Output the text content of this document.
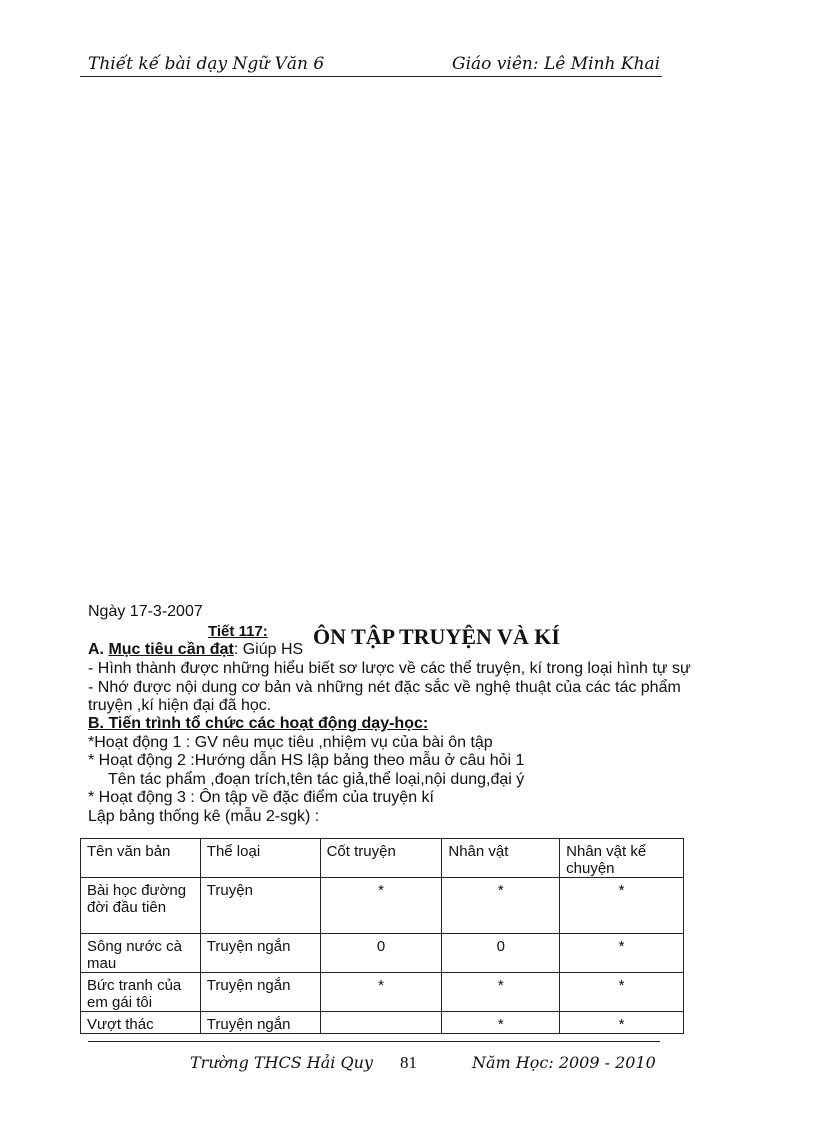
Thiết kế bài dạy Ngữ Văn 6	Giáo viên: Lê Minh Khai
Ngày 17-3-2007
Tiết 117: ÔN TẬP TRUYỆN VÀ KÍ
A. Mục tiêu cần đạt: Giúp HS
- Hình thành được những hiểu biết sơ lược về các thể truyện, kí trong loại hình tự sự
- Nhớ được nội dung cơ bản và những nét đặc sắc về nghệ thuật của các tác phẩm
truyện ,kí hiện đại đã học.
B. Tiến trình tổ chức các hoạt động dạy-học:
*Hoạt động 1 : GV nêu mục tiêu ,nhiệm vụ của bài ôn tập
* Hoạt động 2 :Hướng dẫn HS lập bảng theo mẫu ở câu hỏi 1
Tên tác phẩm ,đoạn trích,tên tác giả,thể loại,nội dung,đại ý
* Hoạt động 3 : Ôn tập về đặc điểm của truyện kí
Lập bảng thống kê (mẫu 2-sgk) :
Tên văn bản	Thể loại	Cốt truyện	Nhân vật	Nhân vật kể chuyện
Bài học đường đời đầu tiên	Truyện	*	*	*
Sông nước cà mau	Truyện ngắn	0	0	*
Bức tranh của em gái tôi	Truyện ngắn	*	*	*
Vượt thác	Truyện ngắn		*	*
Trường THCS Hải Quy 81	Năm Học: 2009 - 2010
